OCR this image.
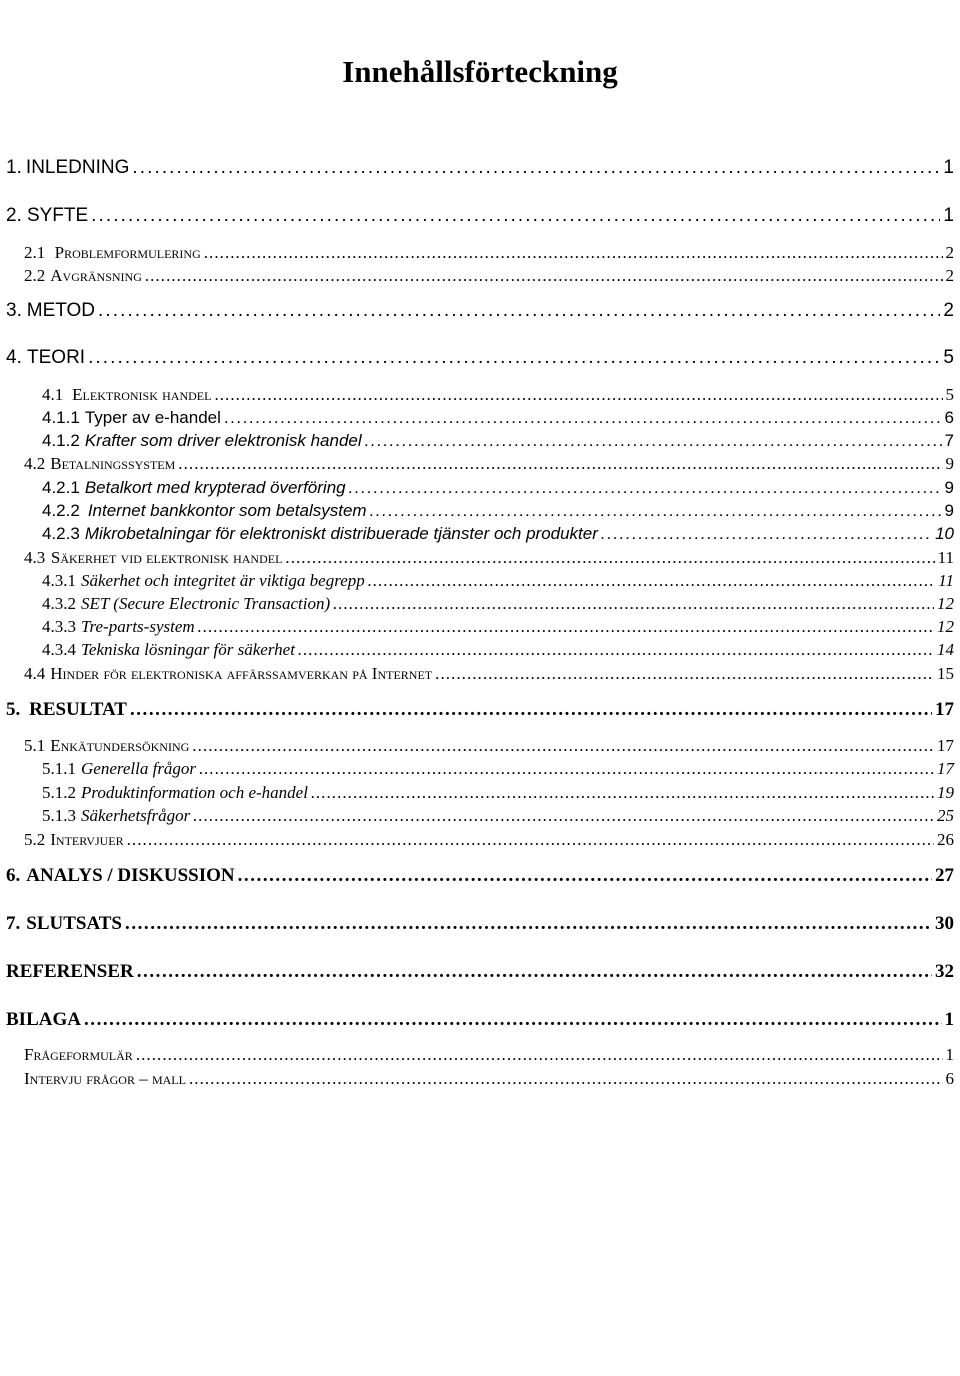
Innehållsförteckning
1. INLEDNING . . .	1
2. SYFTE . . .	1
2.1 Problemformulering . . .	2
2.2 Avgränsning . . .	2
3. METOD . . .	2
4. TEORI . . .	5
4.1 Elektronisk handel . . .	5
4.1.1 Typer av e-handel . . .	6
4.1.2 Krafter som driver elektronisk handel . . .	7
4.2 Betalningssystem . . .	9
4.2.1 Betalkort med krypterad överföring . . .	9
4.2.2 Internet bankkontor som betalsystem . . .	9
4.2.3 Mikrobetalningar för elektroniskt distribuerade tjänster och produkter . . .	10
4.3 Säkerhet vid elektronisk handel . . .	11
4.3.1 Säkerhet och integritet är viktiga begrepp . . .	11
4.3.2 SET (Secure Electronic Transaction) . . .	12
4.3.3 Tre-parts-system . . .	12
4.3.4 Tekniska lösningar för säkerhet . . .	14
4.4 Hinder för elektroniska affärssamverkan på Internet . . .	15
5. RESULTAT . . .	17
5.1 Enkätundersökning . . .	17
5.1.1 Generella frågor . . .	17
5.1.2 Produktinformation och e-handel . . .	19
5.1.3 Säkerhetsfrågor . . .	25
5.2 Intervjuer . . .	26
6. ANALYS / DISKUSSION . . .	27
7. SLUTSATS . . .	30
REFERENSER . . .	32
BILAGA . . .	1
Frågeformulär . . .	1
Intervju frågor – mall . . .	6
